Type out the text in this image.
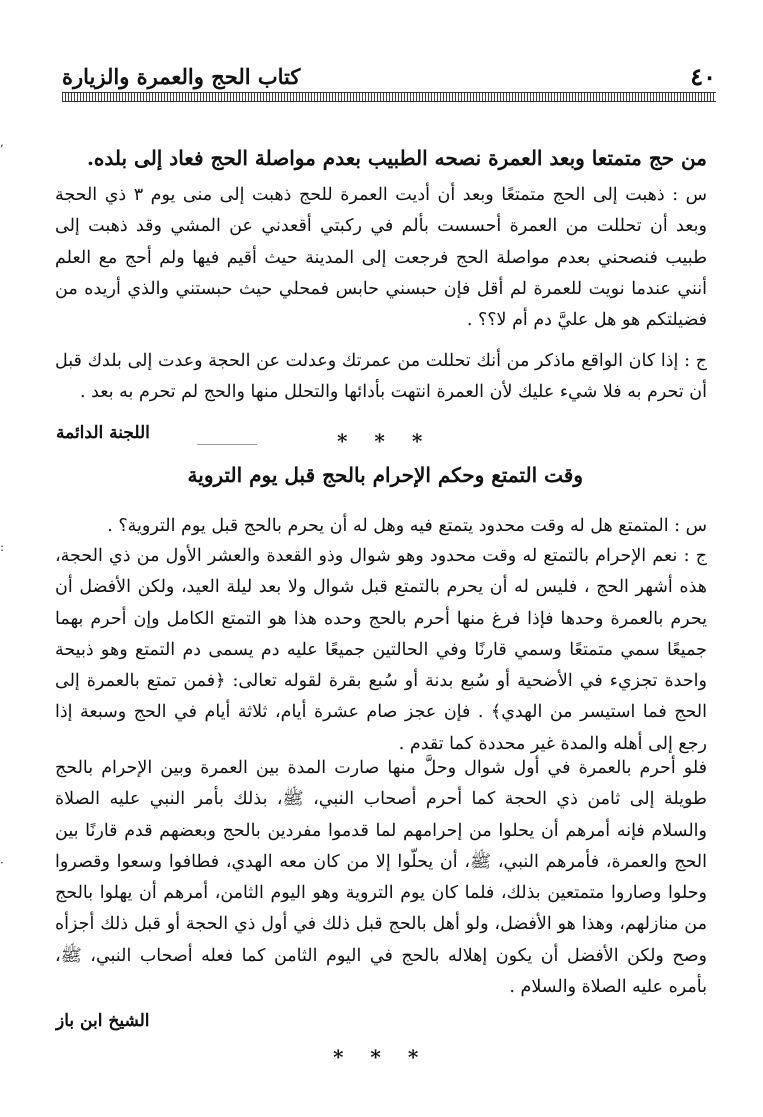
٤٠
كتاب الحج والعمرة والزيارة
,
:
·
من حج متمتعا وبعد العمرة نصحه الطبيب بعدم مواصلة الحج فعاد إلى بلده.

س : ذهبت إلى الحج متمتعًا وبعد أن أديت العمرة للحج ذهبت إلى منى يوم ٣ ذي الحجة وبعد أن تحللت من العمرة أحسست بألم في ركبتي أقعدني عن المشي وقد ذهبت إلى طبيب فنصحني بعدم مواصلة الحج فرجعت إلى المدينة حيث أقيم فيها ولم أحج مع العلم أنني عندما نويت للعمرة لم أقل فإن حبسني حابس فمحلي حيث حبستني والذي أريده من فضيلتكم هو هل عليَّ دم أم لا؟؟ .

ج : إذا كان الواقع ماذكر من أنك تحللت من عمرتك وعدلت عن الحجة وعدت إلى بلدك قبل أن تحرم به فلا شيء عليك لأن العمرة انتهت بأدائها والتحلل منها والحج لم تحرم به بعد .

اللجنة الدائمة	* * *
وقت التمتع وحكم الإحرام بالحج قبل يوم التروية

س : المتمتع هل له وقت محدود يتمتع فيه وهل له أن يحرم بالحج قبل يوم التروية؟ .

ج : نعم الإحرام بالتمتع له وقت محدود وهو شوال وذو القعدة والعشر الأول من ذي الحجة، هذه أشهر الحج ، فليس له أن يحرم بالتمتع قبل شوال ولا بعد ليلة العيد، ولكن الأفضل أن يحرم بالعمرة وحدها فإذا فرغ منها أحرم بالحج وحده هذا هو التمتع الكامل وإن أحرم بهما جميعًا سمي متمتعًا وسمي قارنًا وفي الحالتين جميعًا عليه دم يسمى دم التمتع وهو ذبيحة واحدة تجزيء في الأضحية أو سُبع بدنة أو سُبع بقرة لقوله تعالى: ﴿فمن تمتع بالعمرة إلى الحج فما استيسر من الهدي﴾ . فإن عجز صام عشرة أيام، ثلاثة أيام في الحج وسبعة إذا رجع إلى أهله والمدة غير محددة كما تقدم .

فلو أحرم بالعمرة في أول شوال وحلَّ منها صارت المدة بين العمرة وبين الإحرام بالحج طويلة إلى ثامن ذي الحجة كما أحرم أصحاب النبي، ﷺ، بذلك بأمر النبي عليه الصلاة والسلام فإنه أمرهم أن يحلوا من إحرامهم لما قدموا مفردين بالحج وبعضهم قدم قارنًا بين الحج والعمرة، فأمرهم النبي، ﷺ، أن يحلّوا إلا من كان معه الهدي، فطافوا وسعوا وقصروا وحلوا وصاروا متمتعين بذلك، فلما كان يوم التروية وهو اليوم الثامن، أمرهم أن يهلوا بالحج من منازلهم، وهذا هو الأفضل، ولو أهل بالحج قبل ذلك في أول ذي الحجة أو قبل ذلك أجزأه وصح ولكن الأفضل أن يكون إهلاله بالحج في اليوم الثامن كما فعله أصحاب النبي، ﷺ، بأمره عليه الصلاة والسلام .

الشيخ ابن باز
* * *
